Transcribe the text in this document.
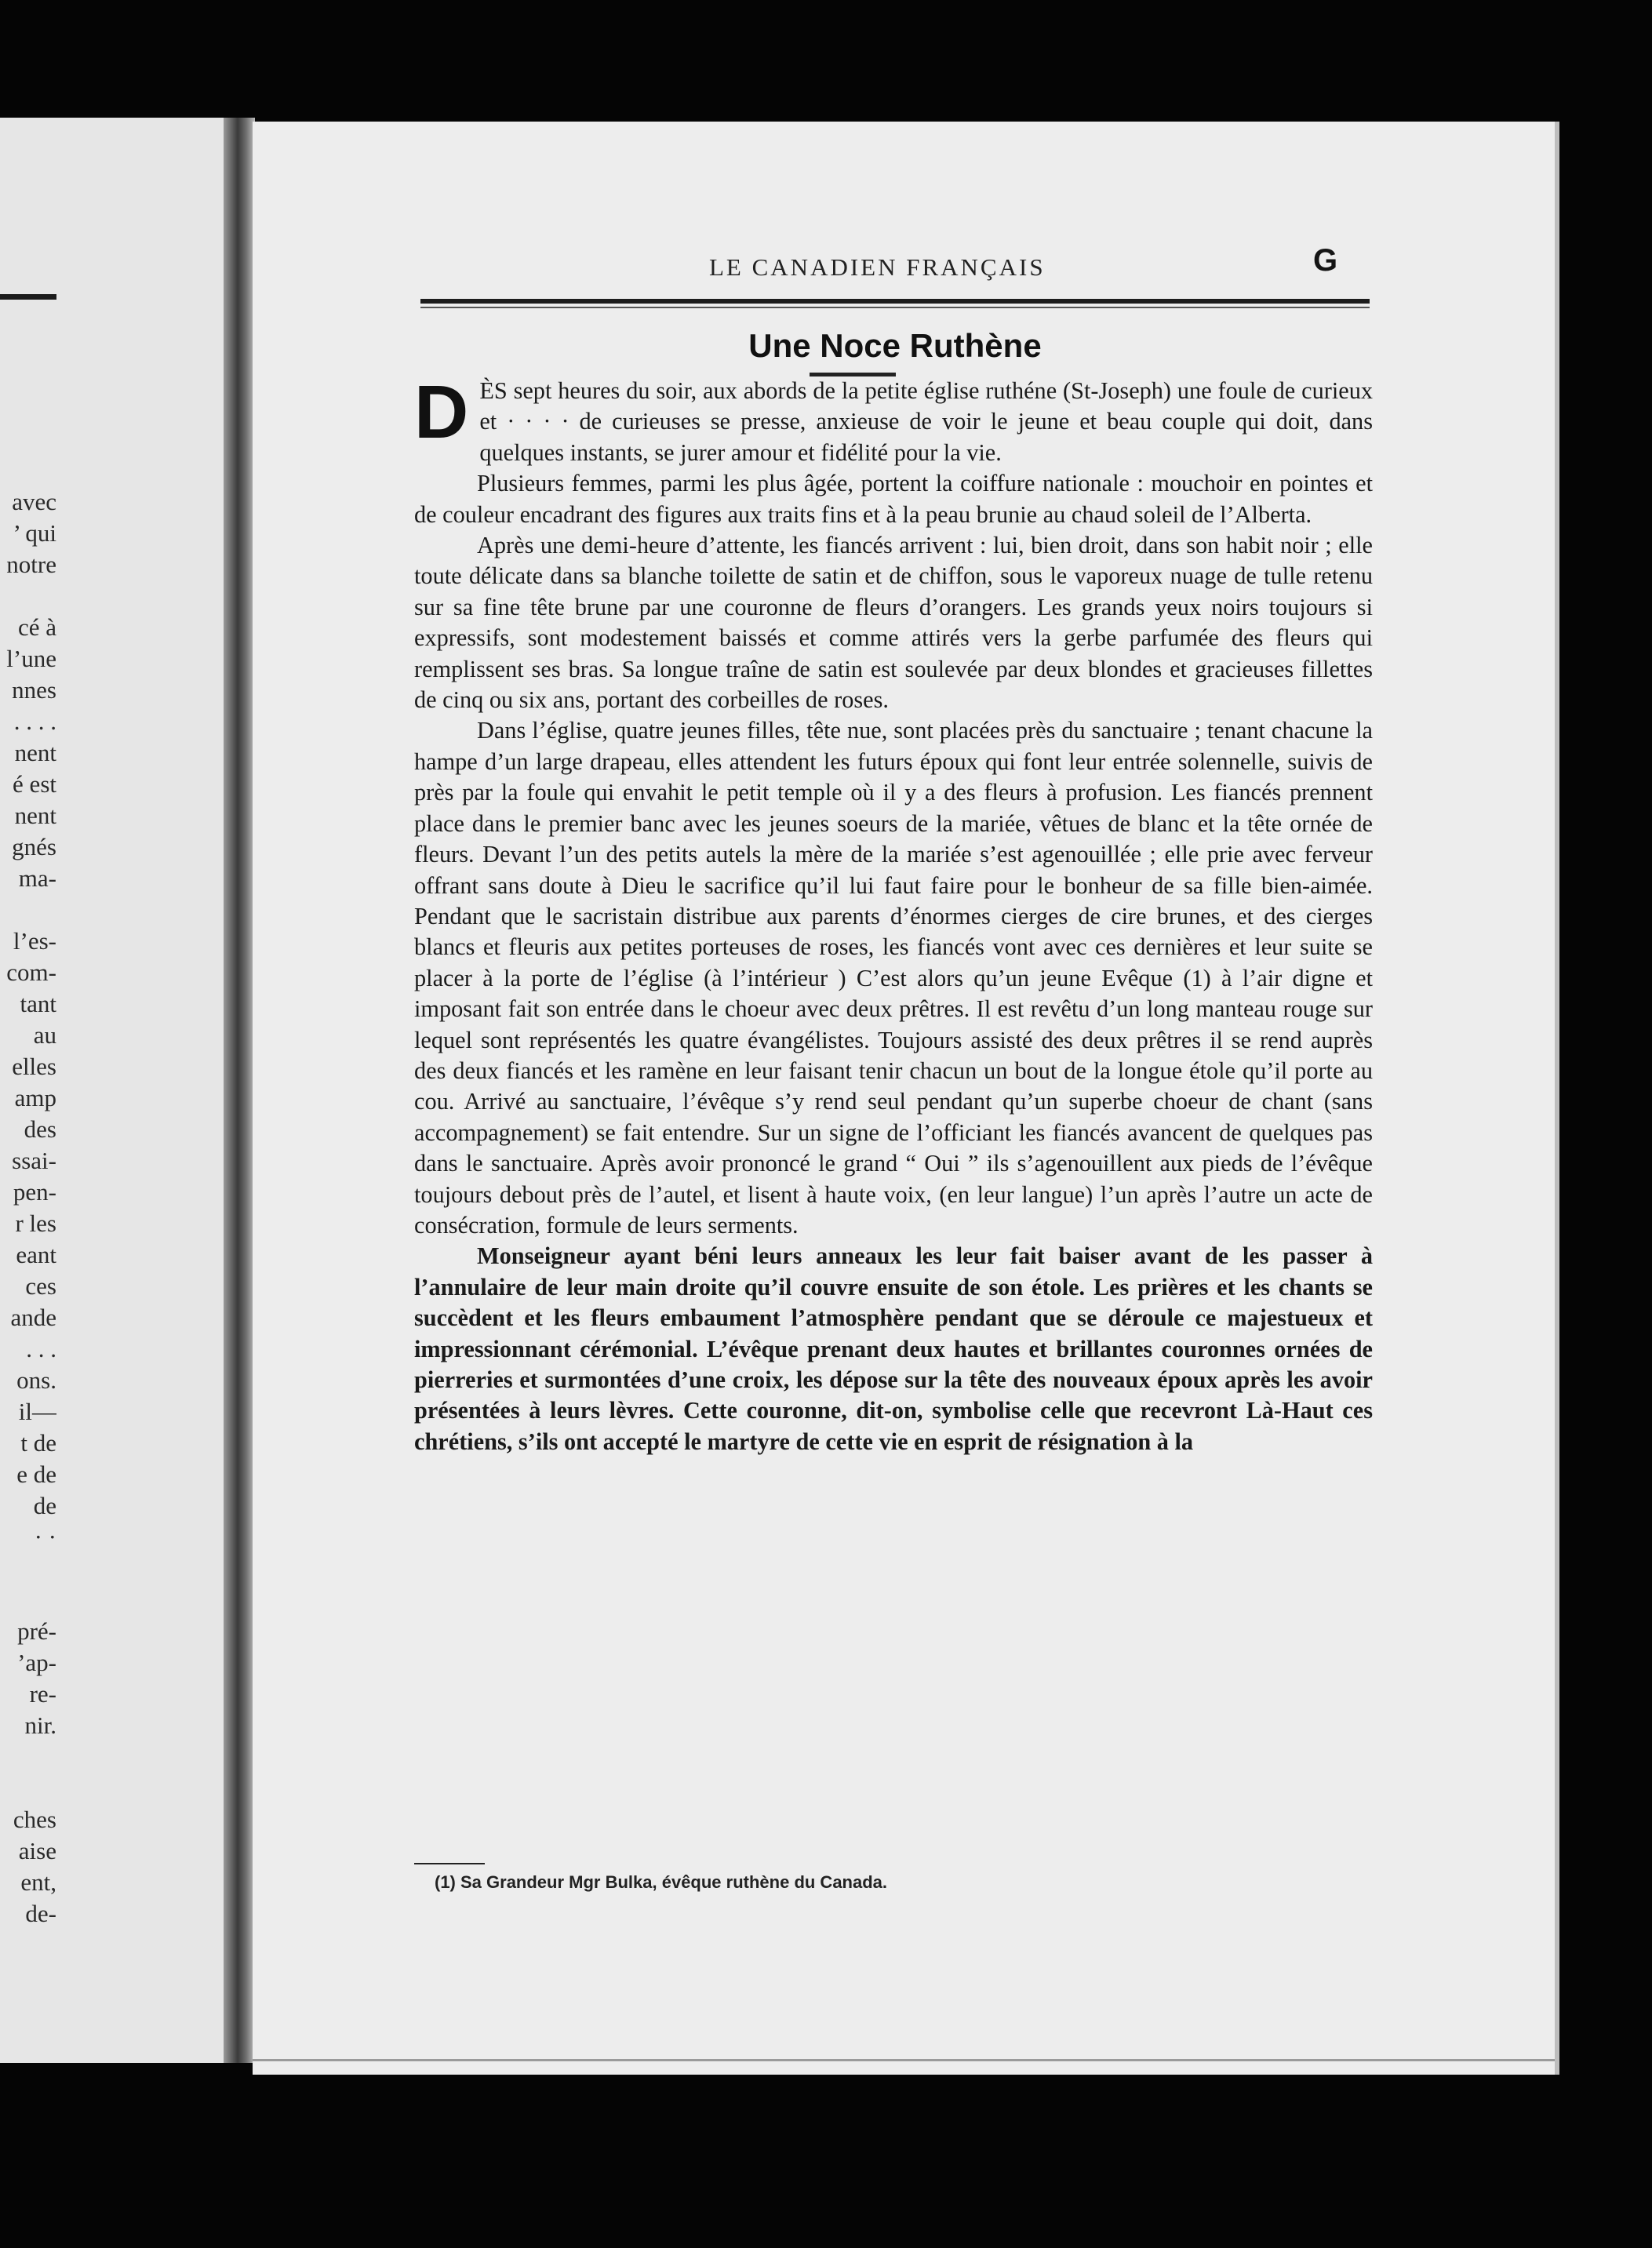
avec
’ qui
notre
cé à
l’une
nnes
. . . .
nent
é est
nent
gnés
ma-
l’es-
com-
tant
au
elles
amp
des
ssai-
pen-
r les
eant
ces
ande
. . .
ons.
il—
t de
e de
de
· ·
pré-
’ap-
re-
nir.
ches
aise
ent,
de-
LE CANADIEN FRANÇAIS	G
Une Noce Ruthène

DÈS sept heures du soir, aux abords de la petite église ruthéne (St-Joseph) une foule de curieux et · · · · de curieuses se presse, anxieuse de voir le jeune et beau couple qui doit, dans quelques instants, se jurer amour et fidélité pour la vie.

Plusieurs femmes, parmi les plus âgée, portent la coiffure nationale : mouchoir en pointes et de couleur encadrant des figures aux traits fins et à la peau brunie au chaud soleil de l’Alberta.

Après une demi-heure d’attente, les fiancés arrivent : lui, bien droit, dans son habit noir ; elle toute délicate dans sa blanche toilette de satin et de chiffon, sous le vaporeux nuage de tulle retenu sur sa fine tête brune par une couronne de fleurs d’orangers. Les grands yeux noirs toujours si expressifs, sont modestement baissés et comme attirés vers la gerbe parfumée des fleurs qui remplissent ses bras. Sa longue traîne de satin est soulevée par deux blondes et gracieuses fillettes de cinq ou six ans, portant des corbeilles de roses.

Dans l’église, quatre jeunes filles, tête nue, sont placées près du sanctuaire ; tenant chacune la hampe d’un large drapeau, elles attendent les futurs époux qui font leur entrée solennelle, suivis de près par la foule qui envahit le petit temple où il y a des fleurs à profusion. Les fiancés prennent place dans le premier banc avec les jeunes soeurs de la mariée, vêtues de blanc et la tête ornée de fleurs. Devant l’un des petits autels la mère de la mariée s’est agenouillée ; elle prie avec ferveur offrant sans doute à Dieu le sacrifice qu’il lui faut faire pour le bonheur de sa fille bien-aimée. Pendant que le sacristain distribue aux parents d’énormes cierges de cire brunes, et des cierges blancs et fleuris aux petites porteuses de roses, les fiancés vont avec ces dernières et leur suite se placer à la porte de l’église (à l’intérieur ) C’est alors qu’un jeune Evêque (1) à l’air digne et imposant fait son entrée dans le choeur avec deux prêtres. Il est revêtu d’un long manteau rouge sur lequel sont représentés les quatre évangélistes. Toujours assisté des deux prêtres il se rend auprès des deux fiancés et les ramène en leur faisant tenir chacun un bout de la longue étole qu’il porte au cou. Arrivé au sanctuaire, l’évêque s’y rend seul pendant qu’un superbe choeur de chant (sans accompagnement) se fait entendre. Sur un signe de l’officiant les fiancés avancent de quelques pas dans le sanctuaire. Après avoir prononcé le grand “ Oui ” ils s’agenouillent aux pieds de l’évêque toujours debout près de l’autel, et lisent à haute voix, (en leur langue) l’un après l’autre un acte de consécration, formule de leurs serments.

Monseigneur ayant béni leurs anneaux les leur fait baiser avant de les passer à l’annulaire de leur main droite qu’il couvre ensuite de son étole. Les prières et les chants se succèdent et les fleurs embaument l’atmosphère pendant que se déroule ce majestueux et impressionnant cérémonial. L’évêque prenant deux hautes et brillantes couronnes ornées de pierreries et surmontées d’une croix, les dépose sur la tête des nouveaux époux après les avoir présentées à leurs lèvres. Cette couronne, dit-on, symbolise celle que recevront Là-Haut ces chrétiens, s’ils ont accepté le martyre de cette vie en esprit de résignation à la

(1) Sa Grandeur Mgr Bulka, évêque ruthène du Canada.
